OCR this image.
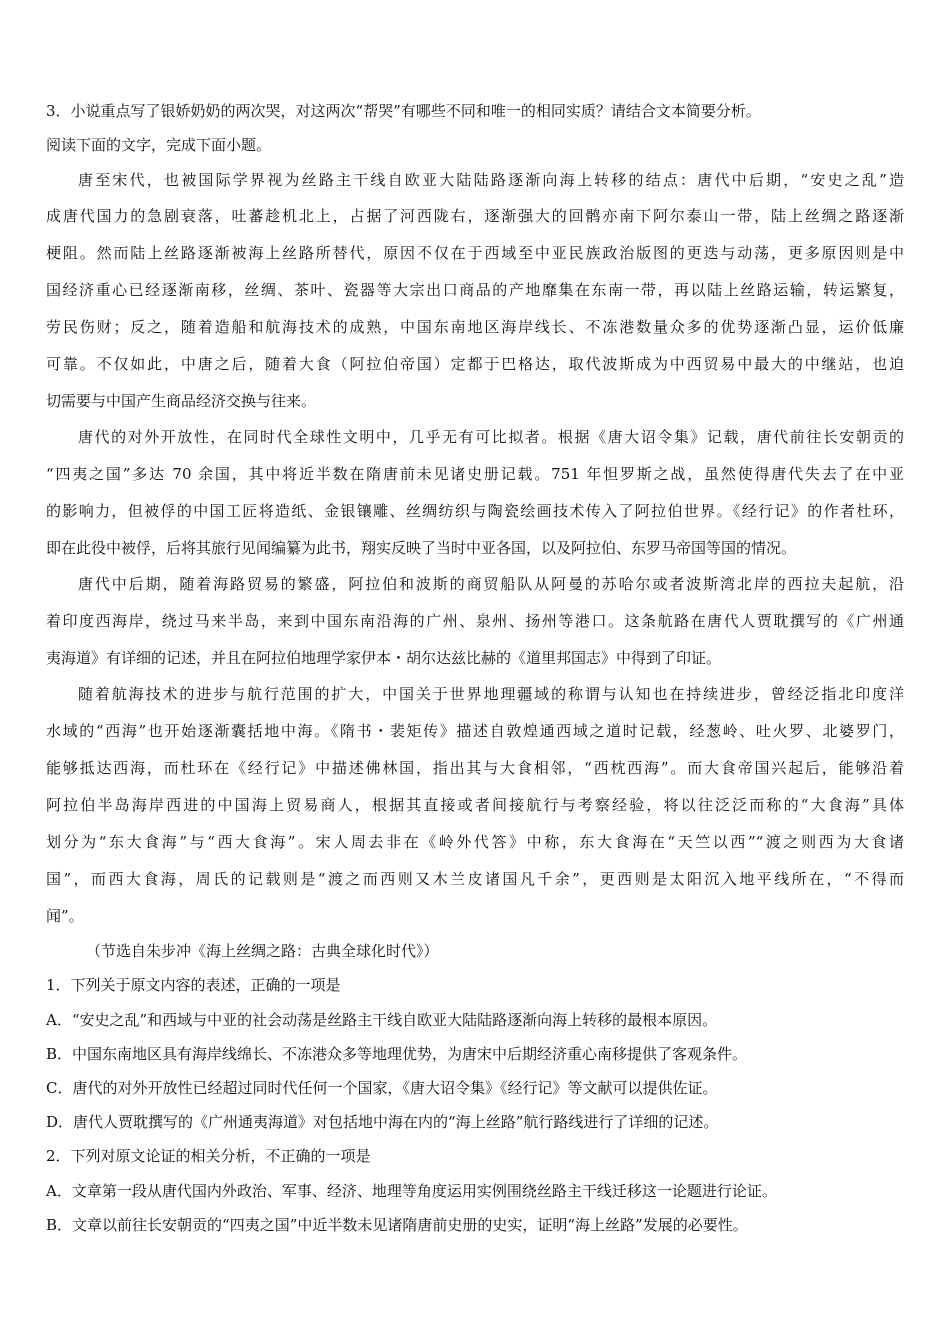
3．小说重点写了银娇奶奶的两次哭，对这两次“帮哭”有哪些不同和唯一的相同实质？请结合文本简要分析。
阅读下面的文字，完成下面小题。
唐至宋代，也被国际学界视为丝路主干线自欧亚大陆陆路逐渐向海上转移的结点：唐代中后期，“安史之乱”造
成唐代国力的急剧衰落，吐蕃趁机北上，占据了河西陇右，逐渐强大的回鹘亦南下阿尔泰山一带，陆上丝绸之路逐渐
梗阻。然而陆上丝路逐渐被海上丝路所替代，原因不仅在于西域至中亚民族政治版图的更迭与动荡，更多原因则是中
国经济重心已经逐渐南移，丝绸、茶叶、瓷器等大宗出口商品的产地靡集在东南一带，再以陆上丝路运输，转运繁复，
劳民伤财；反之，随着造船和航海技术的成熟，中国东南地区海岸线长、不冻港数量众多的优势逐渐凸显，运价低廉
可靠。不仅如此，中唐之后，随着大食（阿拉伯帝国）定都于巴格达，取代波斯成为中西贸易中最大的中继站，也迫
切需要与中国产生商品经济交换与往来。
唐代的对外开放性，在同时代全球性文明中，几乎无有可比拟者。根据《唐大诏令集》记载，唐代前往长安朝贡的
“四夷之国”多达 70 余国，其中将近半数在隋唐前未见诸史册记载。751 年怛罗斯之战，虽然使得唐代失去了在中亚
的影响力，但被俘的中国工匠将造纸、金银镶雕、丝绸纺织与陶瓷绘画技术传入了阿拉伯世界。《经行记》的作者杜环，
即在此役中被俘，后将其旅行见闻编纂为此书，翔实反映了当时中亚各国，以及阿拉伯、东罗马帝国等国的情况。
唐代中后期，随着海路贸易的繁盛，阿拉伯和波斯的商贸船队从阿曼的苏哈尔或者波斯湾北岸的西拉夫起航，沿
着印度西海岸，绕过马来半岛，来到中国东南沿海的广州、泉州、扬州等港口。这条航路在唐代人贾耽撰写的《广州通
夷海道》有详细的记述，并且在阿拉伯地理学家伊本・胡尔达兹比赫的《道里邦国志》中得到了印证。
随着航海技术的进步与航行范围的扩大，中国关于世界地理疆域的称谓与认知也在持续进步，曾经泛指北印度洋
水域的“西海”也开始逐渐囊括地中海。《隋书・裴矩传》描述自敦煌通西域之道时记载，经葱岭、吐火罗、北婆罗门，
能够抵达西海，而杜环在《经行记》中描述佛林国，指出其与大食相邻，“西枕西海”。而大食帝国兴起后，能够沿着
阿拉伯半岛海岸西进的中国海上贸易商人，根据其直接或者间接航行与考察经验，将以往泛泛而称的“大食海”具体
划分为“东大食海”与“西大食海”。宋人周去非在《岭外代答》中称，东大食海在“天竺以西”“渡之则西为大食诸
国”，而西大食海，周氏的记载则是“渡之而西则又木兰皮诸国凡千余”，更西则是太阳沉入地平线所在，“不得而
闻”。
（节选自朱步冲《海上丝绸之路：古典全球化时代》）
1．下列关于原文内容的表述，正确的一项是
A．“安史之乱”和西域与中亚的社会动荡是丝路主干线自欧亚大陆陆路逐渐向海上转移的最根本原因。
B．中国东南地区具有海岸线绵长、不冻港众多等地理优势，为唐宋中后期经济重心南移提供了客观条件。
C．唐代的对外开放性已经超过同时代任何一个国家，《唐大诏令集》《经行记》等文献可以提供佐证。
D．唐代人贾耽撰写的《广州通夷海道》对包括地中海在内的“海上丝路”航行路线进行了详细的记述。
2．下列对原文论证的相关分析，不正确的一项是
A．文章第一段从唐代国内外政治、军事、经济、地理等角度运用实例围绕丝路主干线迁移这一论题进行论证。
B．文章以前往长安朝贡的“四夷之国”中近半数未见诸隋唐前史册的史实，证明“海上丝路”发展的必要性。
